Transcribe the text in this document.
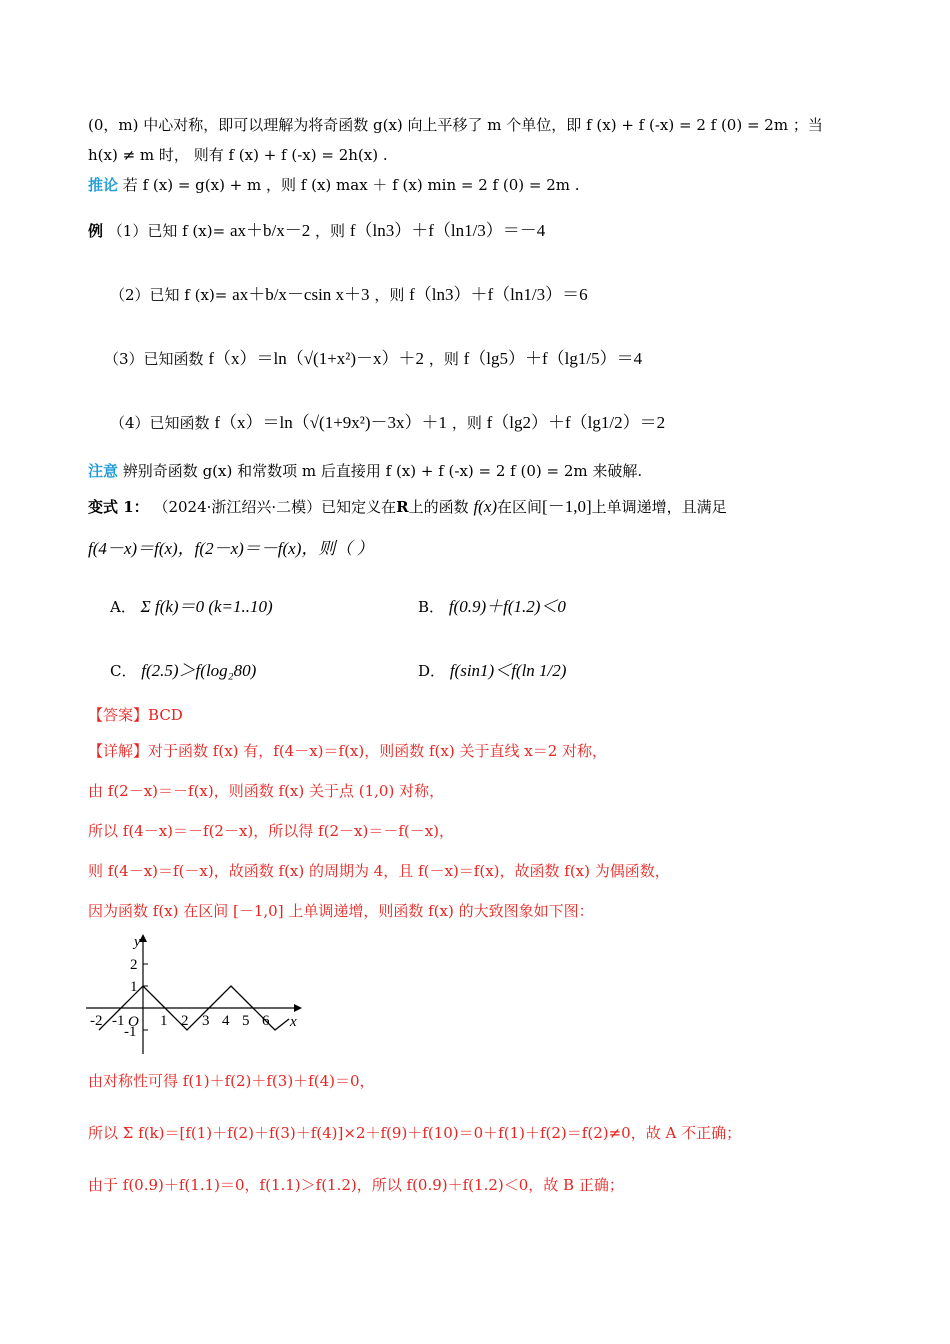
(0，m) 中心对称，即可以理解为将奇函数 g(x) 向上平移了 m 个单位，即 f (x) + f (-x) = 2 f (0) = 2m ；当
h(x) ≠ m 时， 则有 f (x) + f (-x) = 2h(x) .
推论 若 f (x) = g(x) + m ，则 f (x) max ＋ f (x) min = 2 f (0) = 2m .
例 （1）已知 f (x)= ax＋b/x－2 ，则 f（ln3）＋f（ln1/3）＝－4
（2）已知 f (x)= ax＋b/x－csin x＋3 ，则 f（ln3）＋f（ln1/3）＝6
（3）已知函数 f（x）＝ln（√(1+x²)－x）＋2 ，则 f（lg5）＋f（lg1/5）＝4
（4）已知函数 f（x）＝ln（√(1+9x²)－3x）＋1 ，则 f（lg2）＋f（lg1/2）＝2
注意 辨别奇函数 g(x) 和常数项 m 后直接用 f (x) + f (-x) = 2 f (0) = 2m 来破解.
变式 1： （2024·浙江绍兴·二模）已知定义在R上的函数 f(x)在区间[－1,0]上单调递增，且满足
f(4－x)＝f(x)，f(2－x)＝－f(x)，则（ ）
A． Σ f(k)＝0 (k=1..10)	B． f(0.9)＋f(1.2)＜0
C． f(2.5)＞f(log₂80)	D． f(sin1)＜f(ln 1/2)
【答案】BCD
【详解】对于函数 f(x) 有，f(4－x)＝f(x)，则函数 f(x) 关于直线 x＝2 对称，
由 f(2－x)＝－f(x)，则函数 f(x) 关于点 (1,0) 对称，
所以 f(4－x)＝－f(2－x)，所以得 f(2－x)＝－f(－x)，
则 f(4－x)＝f(－x)，故函数 f(x) 的周期为 4，且 f(－x)＝f(x)，故函数 f(x) 为偶函数，
因为函数 f(x) 在区间 [－1,0] 上单调递增，则函数 f(x) 的大致图象如下图：
y
x
O
2
1
-1
-2 -1 1 2 3 4 5 6
由对称性可得 f(1)＋f(2)＋f(3)＋f(4)＝0，
所以 Σ f(k)＝[f(1)＋f(2)＋f(3)＋f(4)]×2＋f(9)＋f(10)＝0＋f(1)＋f(2)＝f(2)≠0，故 A 不正确；
由于 f(0.9)＋f(1.1)＝0，f(1.1)＞f(1.2)，所以 f(0.9)＋f(1.2)＜0，故 B 正确；
